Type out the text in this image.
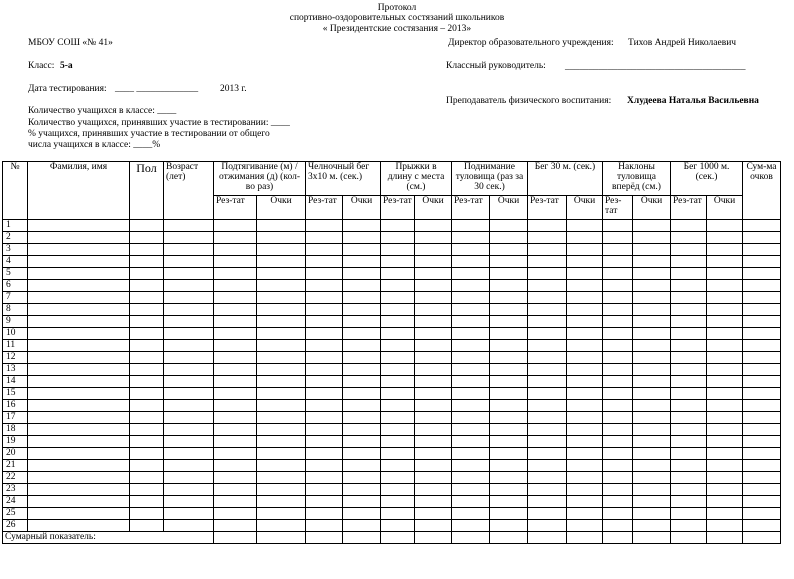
Протокол
спортивно-оздоровительных состязаний школьников
« Президентские состязания – 2013»
МБОУ СОШ «№ 41»	Директор образовательного учреждения: Тихов Андрей Николаевич
Класс: 5-а	Классный руководитель: ______________________________________
Дата тестирования: ____ _____________ 2013 г.
Преподаватель физического воспитания: Хлудеева Наталья Васильевна
Количество учащихся в классе: ____
Количество учащихся, принявших участие в тестировании: ____
% учащихся, принявших участие в тестировании от общего
числа учащихся в классе: ____%
№	Фамилия, имя	Пол	Возраст (лет)	Подтягивание (м) / отжимания (д) (кол-во раз)		Челночный бег 3х10 м. (сек.)		Прыжки в длину с места (см.)		Поднимание туловища (раз за 30 сек.)		Бег 30 м. (сек.)		Наклоны туловища вперёд (см.)		Бег 1000 м. (сек.)		Сум-ма очков
				Рез-тат	Очки	Рез-тат	Очки	Рез-тат	Очки	Рез-тат	Очки	Рез-тат	Очки	Рез-тат	Очки	Рез-тат	Очки	
1																		
2																		
3																		
4																		
5																		
6																		
7																		
8																		
9																		
10																		
11																		
12																		
13																		
14																		
15																		
16																		
17																		
18																		
19																		
20																		
21																		
22																		
23																		
24																		
25																		
26																		
Сумарный показатель:																		
